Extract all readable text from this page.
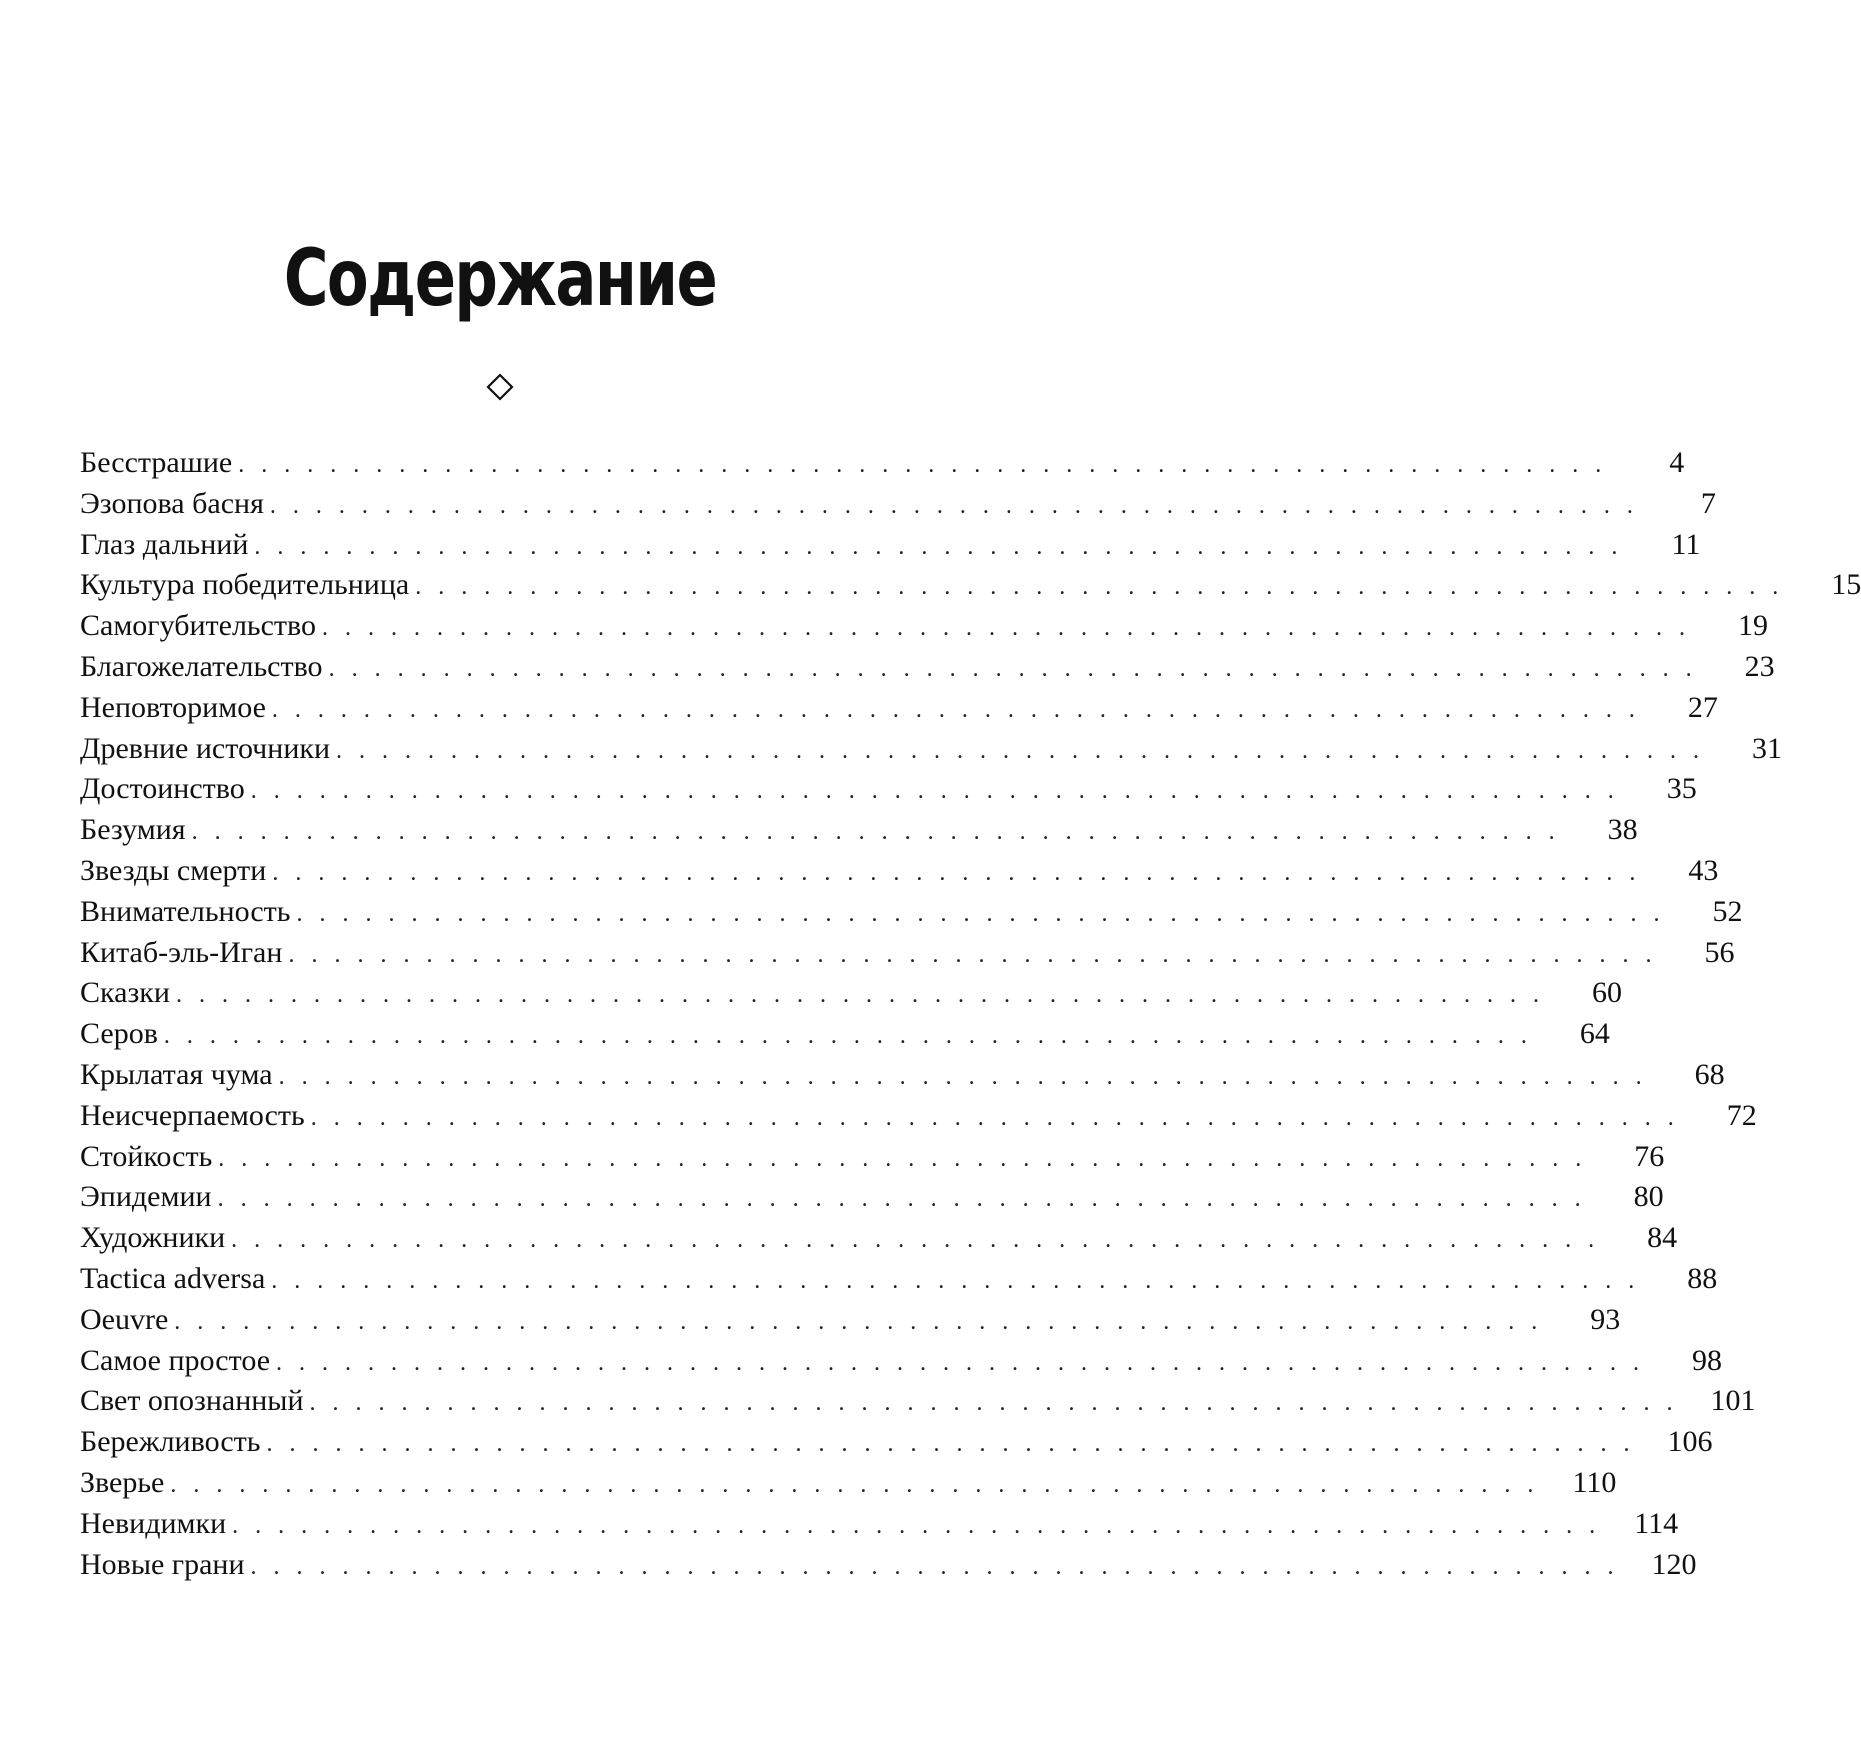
Содержание
Бесстрашие ............................................................	4
Эзопова басня ............................................................	7
Глаз дальний ............................................................	11
Культура победительница ............................................................	15
Самогубительство ............................................................	19
Благожелательство ............................................................	23
Неповторимое ............................................................	27
Древние источники ............................................................	31
Достоинство ............................................................	35
Безумия ............................................................	38
Звезды смерти ............................................................	43
Внимательность ............................................................	52
Китаб-эль-Иган ............................................................	56
Сказки ............................................................	60
Серов ............................................................	64
Крылатая чума ............................................................	68
Неисчерпаемость ............................................................	72
Стойкость ............................................................	76
Эпидемии ............................................................	80
Художники ............................................................	84
Tactica adversa ............................................................	88
Oeuvre ............................................................	93
Самое простое ............................................................	98
Свет опознанный ............................................................ 101
Бережливость ............................................................ 106
Зверье ............................................................ 110
Невидимки ............................................................ 114
Новые грани ............................................................ 120
